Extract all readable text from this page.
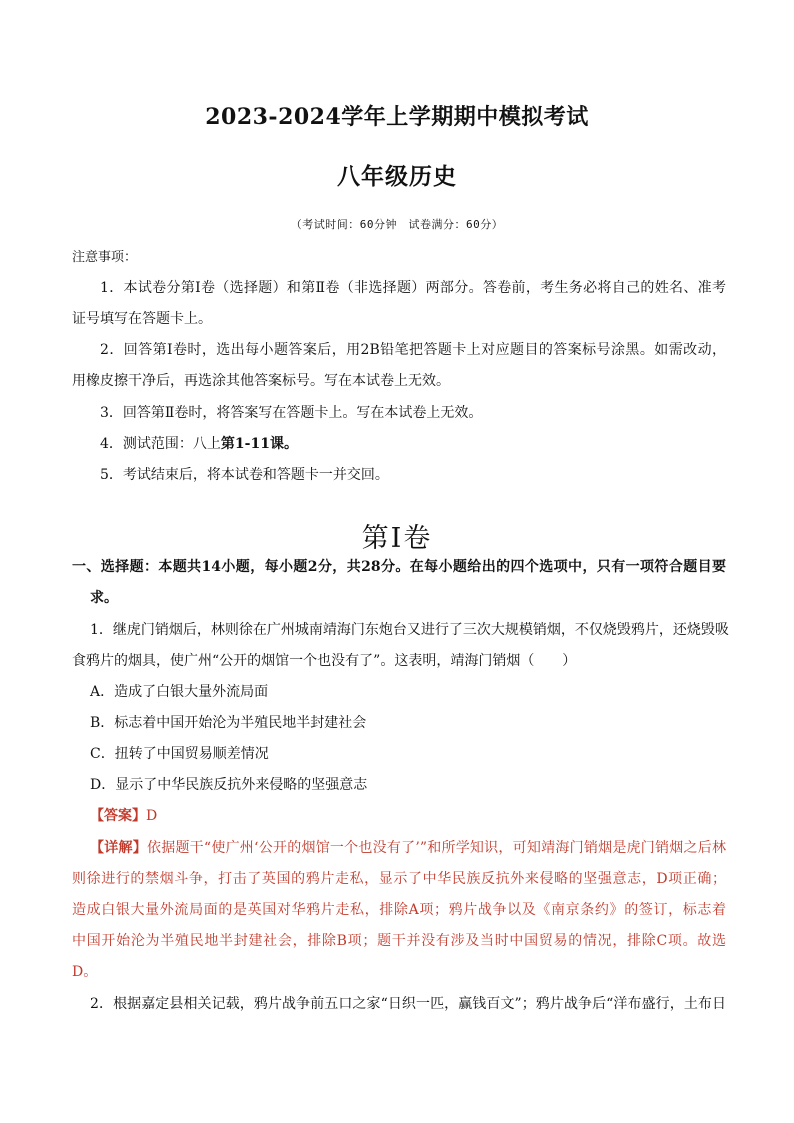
2023-2024学年上学期期中模拟考试
八年级历史
（考试时间：60分钟　试卷满分：60分）
注意事项：
1．本试卷分第Ⅰ卷（选择题）和第Ⅱ卷（非选择题）两部分。答卷前，考生务必将自己的姓名、准考
证号填写在答题卡上。
2．回答第Ⅰ卷时，选出每小题答案后，用2B铅笔把答题卡上对应题目的答案标号涂黑。如需改动，
用橡皮擦干净后，再选涂其他答案标号。写在本试卷上无效。
3．回答第Ⅱ卷时，将答案写在答题卡上。写在本试卷上无效。
4．测试范围：八上第1-11课。
5．考试结束后，将本试卷和答题卡一并交回。
第Ⅰ卷
一、选择题：本题共14小题，每小题2分，共28分。在每小题给出的四个选项中，只有一项符合题目要
求。
1．继虎门销烟后，林则徐在广州城南靖海门东炮台又进行了三次大规模销烟，不仅烧毁鸦片，还烧毁吸
食鸦片的烟具，使广州“公开的烟馆一个也没有了”。这表明，靖海门销烟（　　）
A．造成了白银大量外流局面
B．标志着中国开始沦为半殖民地半封建社会
C．扭转了中国贸易顺差情况
D．显示了中华民族反抗外来侵略的坚强意志
【答案】D
【详解】依据题干“使广州‘公开的烟馆一个也没有了’”和所学知识，可知靖海门销烟是虎门销烟之后林
则徐进行的禁烟斗争，打击了英国的鸦片走私，显示了中华民族反抗外来侵略的坚强意志，D项正确；
造成白银大量外流局面的是英国对华鸦片走私，排除A项；鸦片战争以及《南京条约》的签订，标志着
中国开始沦为半殖民地半封建社会，排除B项；题干并没有涉及当时中国贸易的情况，排除C项。故选
D。
2．根据嘉定县相关记载，鸦片战争前五口之家“日织一匹，赢钱百文”；鸦片战争后“洋布盛行，土布日
